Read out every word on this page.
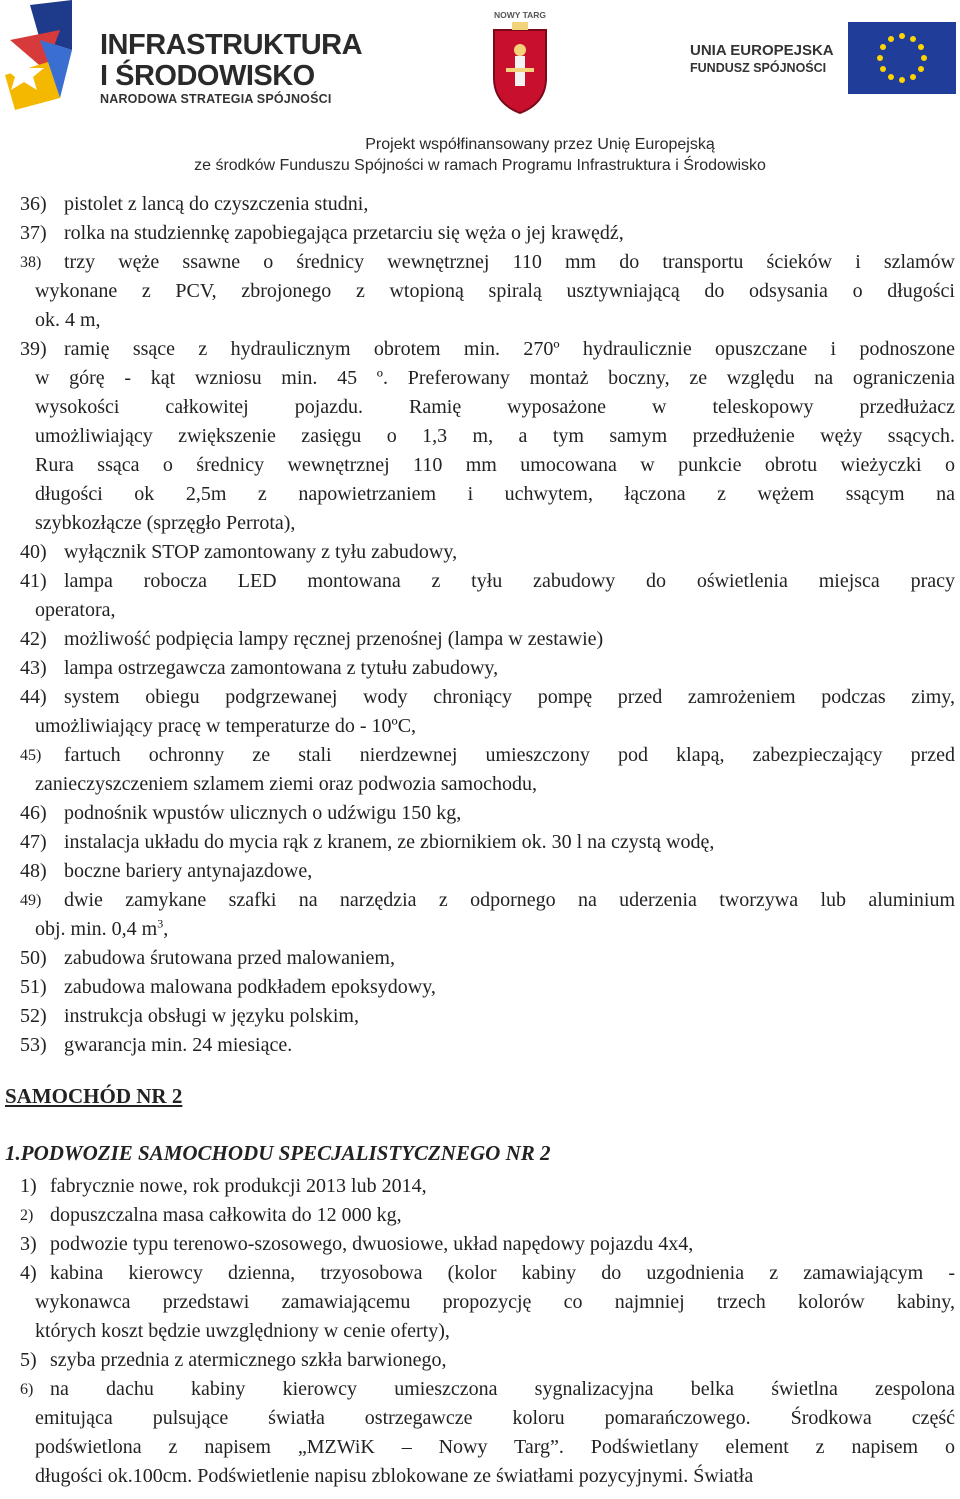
INFRASTRUKTURA
I ŚRODOWISKO
NARODOWA STRATEGIA SPÓJNOŚCI
NOWY TARG
UNIA EUROPEJSKA
FUNDUSZ SPÓJNOŚCI
Projekt współfinansowany przez Unię Europejską
ze środków Funduszu Spójności w ramach Programu Infrastruktura i Środowisko
36) pistolet z lancą do czyszczenia studni,
37) rolka na studziennkę zapobiegająca przetarciu się węża o jej krawędź,
38) trzy węże ssawne o średnicy wewnętrznej 110 mm do transportu ścieków i szlamów
wykonane z PCV, zbrojonego z wtopioną spiralą usztywniającą do odsysania o długości
ok. 4 m,
39) ramię ssące z hydraulicznym obrotem min. 270º hydraulicznie opuszczane i podnoszone
w górę - kąt wzniosu min. 45 º. Preferowany montaż boczny, ze względu na ograniczenia
wysokości całkowitej pojazdu. Ramię wyposażone w teleskopowy przedłużacz
umożliwiający zwiększenie zasięgu o 1,3 m, a tym samym przedłużenie węży ssących.
Rura ssąca o średnicy wewnętrznej 110 mm umocowana w punkcie obrotu wieżyczki o
długości ok 2,5m z napowietrzaniem i uchwytem, łączona z wężem ssącym na
szybkozłącze (sprzęgło Perrota),
40) wyłącznik STOP zamontowany z tyłu zabudowy,
41) lampa robocza LED montowana z tyłu zabudowy do oświetlenia miejsca pracy
operatora,
42) możliwość podpięcia lampy ręcznej przenośnej (lampa w zestawie)
43) lampa ostrzegawcza zamontowana z tytułu zabudowy,
44) system obiegu podgrzewanej wody chroniący pompę przed zamrożeniem podczas zimy,
umożliwiający pracę w temperaturze do - 10ºC,
45) fartuch ochronny ze stali nierdzewnej umieszczony pod klapą, zabezpieczający przed
zanieczyszczeniem szlamem ziemi oraz podwozia samochodu,
46) podnośnik wpustów ulicznych o udźwigu 150 kg,
47) instalacja układu do mycia rąk z kranem, ze zbiornikiem ok. 30 l na czystą wodę,
48) boczne bariery antynajazdowe,
49) dwie zamykane szafki na narzędzia z odpornego na uderzenia tworzywa lub aluminium
obj. min. 0,4 $m^3$,
50) zabudowa śrutowana przed malowaniem,
51) zabudowa malowana podkładem epoksydowy,
52) instrukcja obsługi w języku polskim,
53) gwarancja min. 24 miesiące.
SAMOCHÓD NR 2
1.PODWOZIE SAMOCHODU SPECJALISTYCZNEGO NR 2
1) fabrycznie nowe, rok produkcji 2013 lub 2014,
2) dopuszczalna masa całkowita do 12 000 kg,
3) podwozie typu terenowo-szosowego, dwuosiowe, układ napędowy pojazdu 4x4,
4) kabina kierowcy dzienna, trzyosobowa (kolor kabiny do uzgodnienia z zamawiającym -
wykonawca przedstawi zamawiającemu propozycję co najmniej trzech kolorów kabiny,
których koszt będzie uwzględniony w cenie oferty),
5) szyba przednia z atermicznego szkła barwionego,
6) na dachu kabiny kierowcy umieszczona sygnalizacyjna belka świetlna zespolona
emitująca pulsujące światła ostrzegawcze koloru pomarańczowego. Środkowa część
podświetlona z napisem „MZWiK – Nowy Targ”. Podświetlany element z napisem o
długości ok.100cm. Podświetlenie napisu zblokowane ze światłami pozycyjnymi. Światła
